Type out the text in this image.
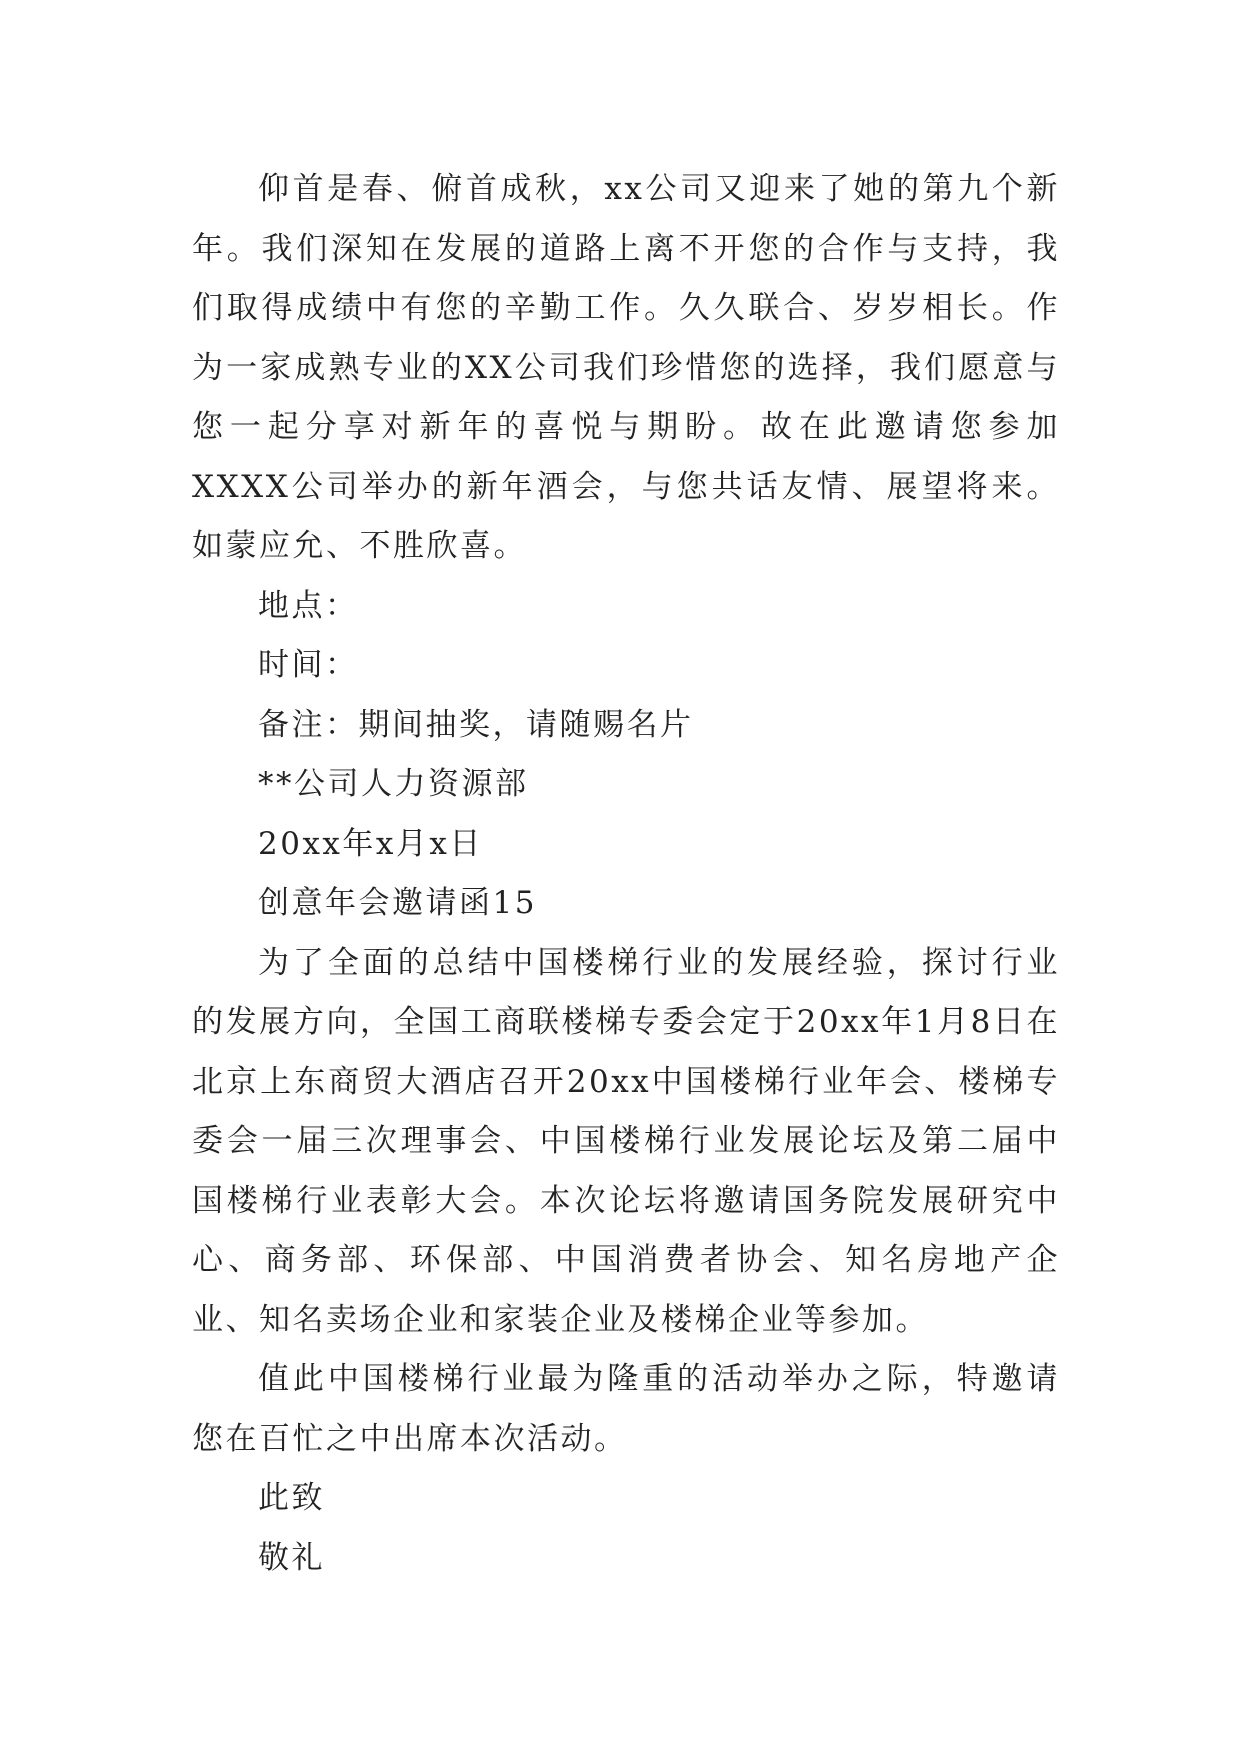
仰首是春、俯首成秋，xx公司又迎来了她的第九个新年。我们深知在发展的道路上离不开您的合作与支持，我们取得成绩中有您的辛勤工作。久久联合、岁岁相长。作为一家成熟专业的XX公司我们珍惜您的选择，我们愿意与您一起分享对新年的喜悦与期盼。故在此邀请您参加XXXX公司举办的新年酒会，与您共话友情、展望将来。如蒙应允、不胜欣喜。

地点：

时间：

备注：期间抽奖，请随赐名片

**公司人力资源部

20xx年x月x日

创意年会邀请函15

为了全面的总结中国楼梯行业的发展经验，探讨行业的发展方向，全国工商联楼梯专委会定于20xx年1月8日在北京上东商贸大酒店召开20xx中国楼梯行业年会、楼梯专委会一届三次理事会、中国楼梯行业发展论坛及第二届中国楼梯行业表彰大会。本次论坛将邀请国务院发展研究中心、商务部、环保部、中国消费者协会、知名房地产企业、知名卖场企业和家装企业及楼梯企业等参加。

值此中国楼梯行业最为隆重的活动举办之际，特邀请您在百忙之中出席本次活动。

此致

敬礼
